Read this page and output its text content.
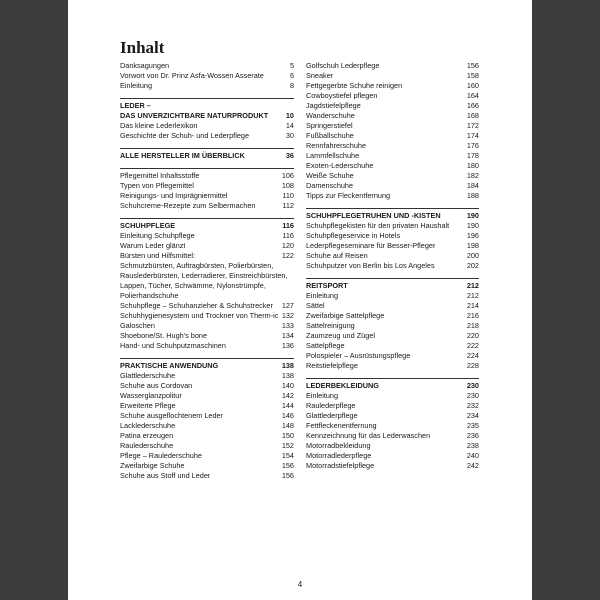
Inhalt
Danksagungen	5
Vorwort von Dr. Prinz Asfa-Wossen Asserate	6
Einleitung	8
LEDER –
DAS UNVERZICHTBARE NATURPRODUKT 10
Das kleine Lederlexikon	14
Geschichte der Schuh- und Lederpflege	30
ALLE HERSTELLER IM ÜBERBLICK	36
Pflegemittel Inhaltsstoffe	106
Typen von Pflegemittel	108
Reinigungs- und Imprägniermittel	110
Schuhcreme-Rezepte zum Selbermachen	112
SCHUHPFLEGE	116
Einleitung Schuhpflege	116
Warum Leder glänzt	120
Bürsten und Hilfsmittel:	122
Schmutzbürsten, Auftragbürsten, Polierbürsten, Rauslederbürsten, Lederradierer, Einstreichbürsten, Lappen, Tücher, Schwämme, Nylonstrümpfe, Polierhandschuhe
Schuhpflege – Schuhanzieher & Schuhstrecker 127
Schuhhygienesystem und Trockner von Therm-ic 132
Galoschen	133
Shoebone/St. Hugh's bone	134
Hand- und Schuhputzmaschinen	136
PRAKTISCHE ANWENDUNG	138
Glattlederschuhe	138
Schuhe aus Cordovan	140
Wasserglanzpolitur	142
Erweiterte Pflege	144
Schuhe ausgeflochtenem Leder	146
Lacklederschuhe	148
Patina erzeugen	150
Raulederschuhe	152
Pflege – Raulederschuhe	154
Zweifarbige Schuhe	156
Schuhe aus Stoff und Leder	156
Golfschuh Lederpflege	156
Sneaker	158
Fettgegerbte Schuhe reinigen	160
Cowboystiefel pflegen	164
Jagdstiefelpflege	166
Wanderschuhe	168
Springerstiefel	172
Fußballschuhe	174
Rennfahrerschuhe	176
Lammfellschuhe	178
Exoten-Lederschuhe	180
Weiße Schuhe	182
Damenschuhe	184
Tipps zur Fleckentfernung	188
SCHUHPFLEGETRUHEN UND -KISTEN	190
Schuhpflegekisten für den privaten Haushalt 190
Schuhpflegeservice in Hotels	196
Lederpflegeseminare für Besser-Pfleger	198
Schuhe auf Reisen	200
Schuhputzer von Berlin bis Los Angeles	202
REITSPORT	212
Einleitung	212
Sättel	214
Zweifarbige Sattelpflege	216
Sattelreinigung	218
Zaumzeug und Zügel	220
Sattelpflege	222
Polospieler – Ausrüstungspflege	224
Reitstiefelpflege	228
LEDERBEKLEIDUNG	230
Einleitung	230
Raulederpflege	232
Glattlederpflege	234
Fettfleckenentfernung	235
Kennzeichnung für das Lederwaschen	236
Motorradbekleidung	238
Motorradlederpflege	240
Motorradstiefelpflege	242
4
